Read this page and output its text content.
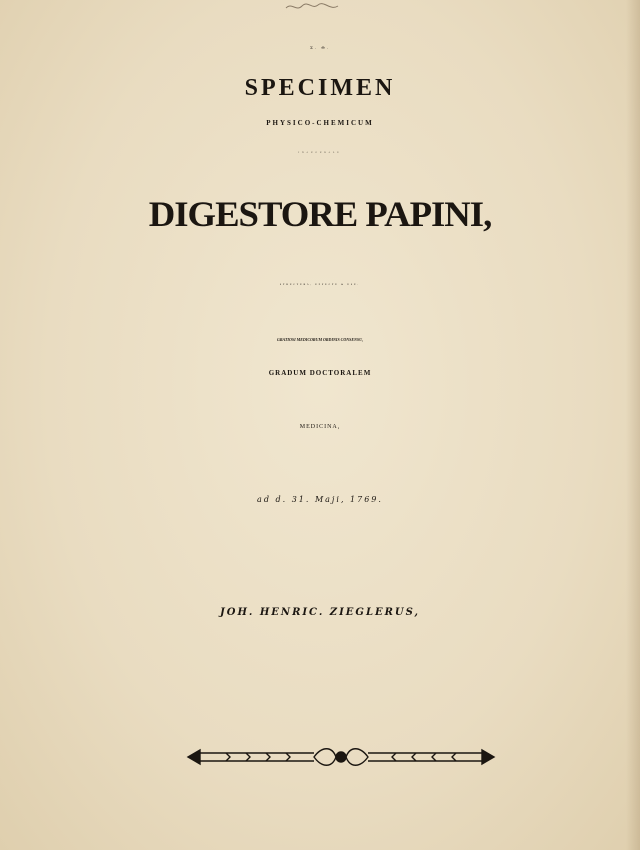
Σ. Θ.
SPECIMEN
PHYSICO-CHEMICUM
INAUGURALE
DIGESTORE PAPINI,
STRUCTURA, EFFECTU & USU.
GRATIOSI MEDICORUM ORDINIS CONSENSU,
GRADUM DOCTORALEM
MEDICINA,
ad d. 31. Maji, 1769.
JOH. HENRIC. ZIEGLERUS,
